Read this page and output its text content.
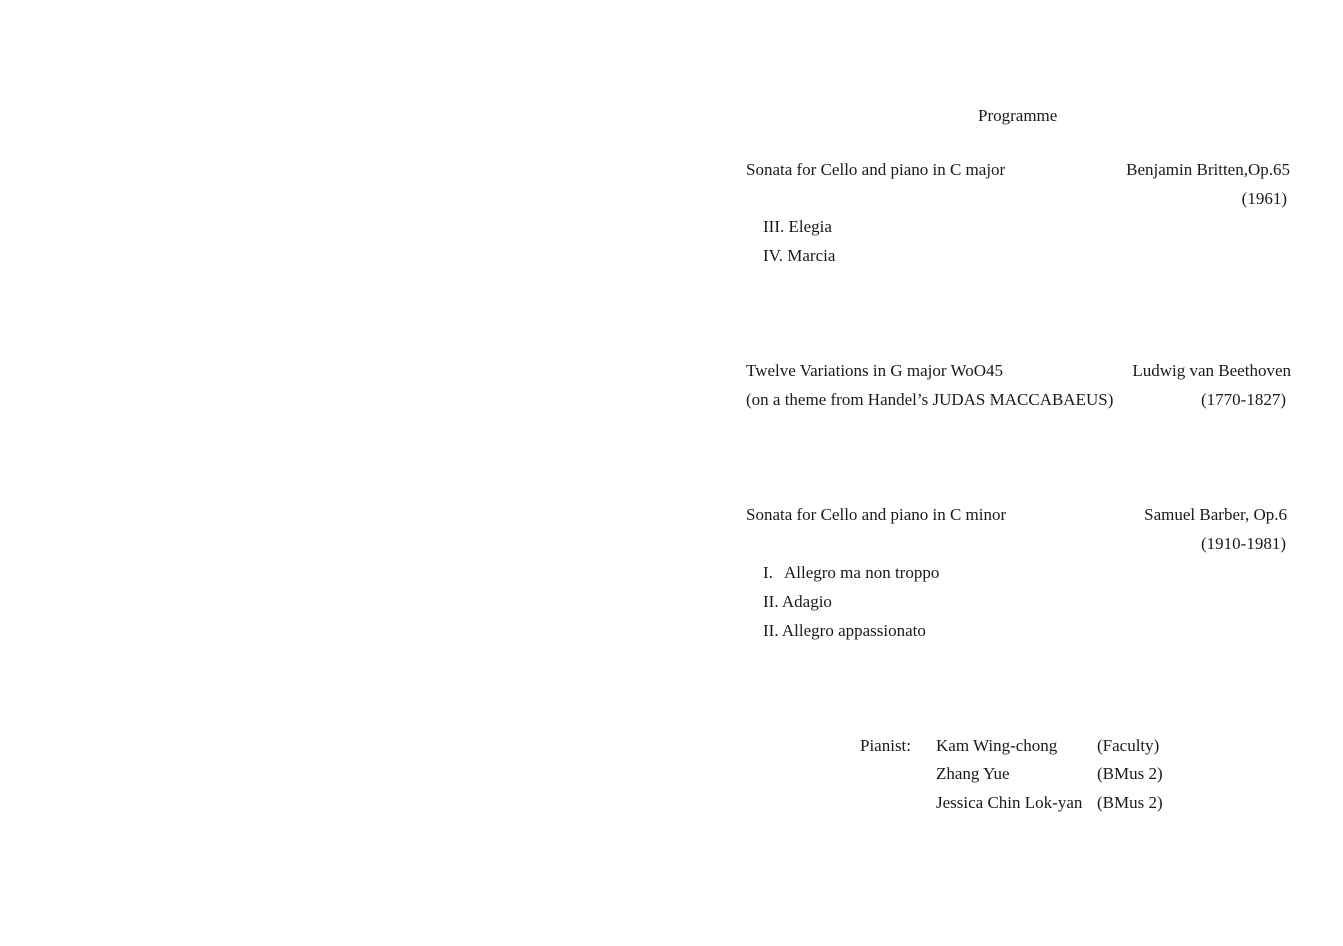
Programme
Sonata for Cello and piano in C major	Benjamin Britten,Op.65
(1961)
III. Elegia
IV. Marcia
Twelve Variations in G major WoO45	Ludwig van Beethoven
(on a theme from Handel’s JUDAS MACCABAEUS)	(1770-1827)
Sonata for Cello and piano in C minor	Samuel Barber, Op.6
(1910-1981)
I. Allegro ma non troppo
II. Adagio
II. Allegro appassionato
Pianist: Kam Wing-chong (Faculty)
Zhang Yue	(BMus 2)
Jessica Chin Lok-yan (BMus 2)
